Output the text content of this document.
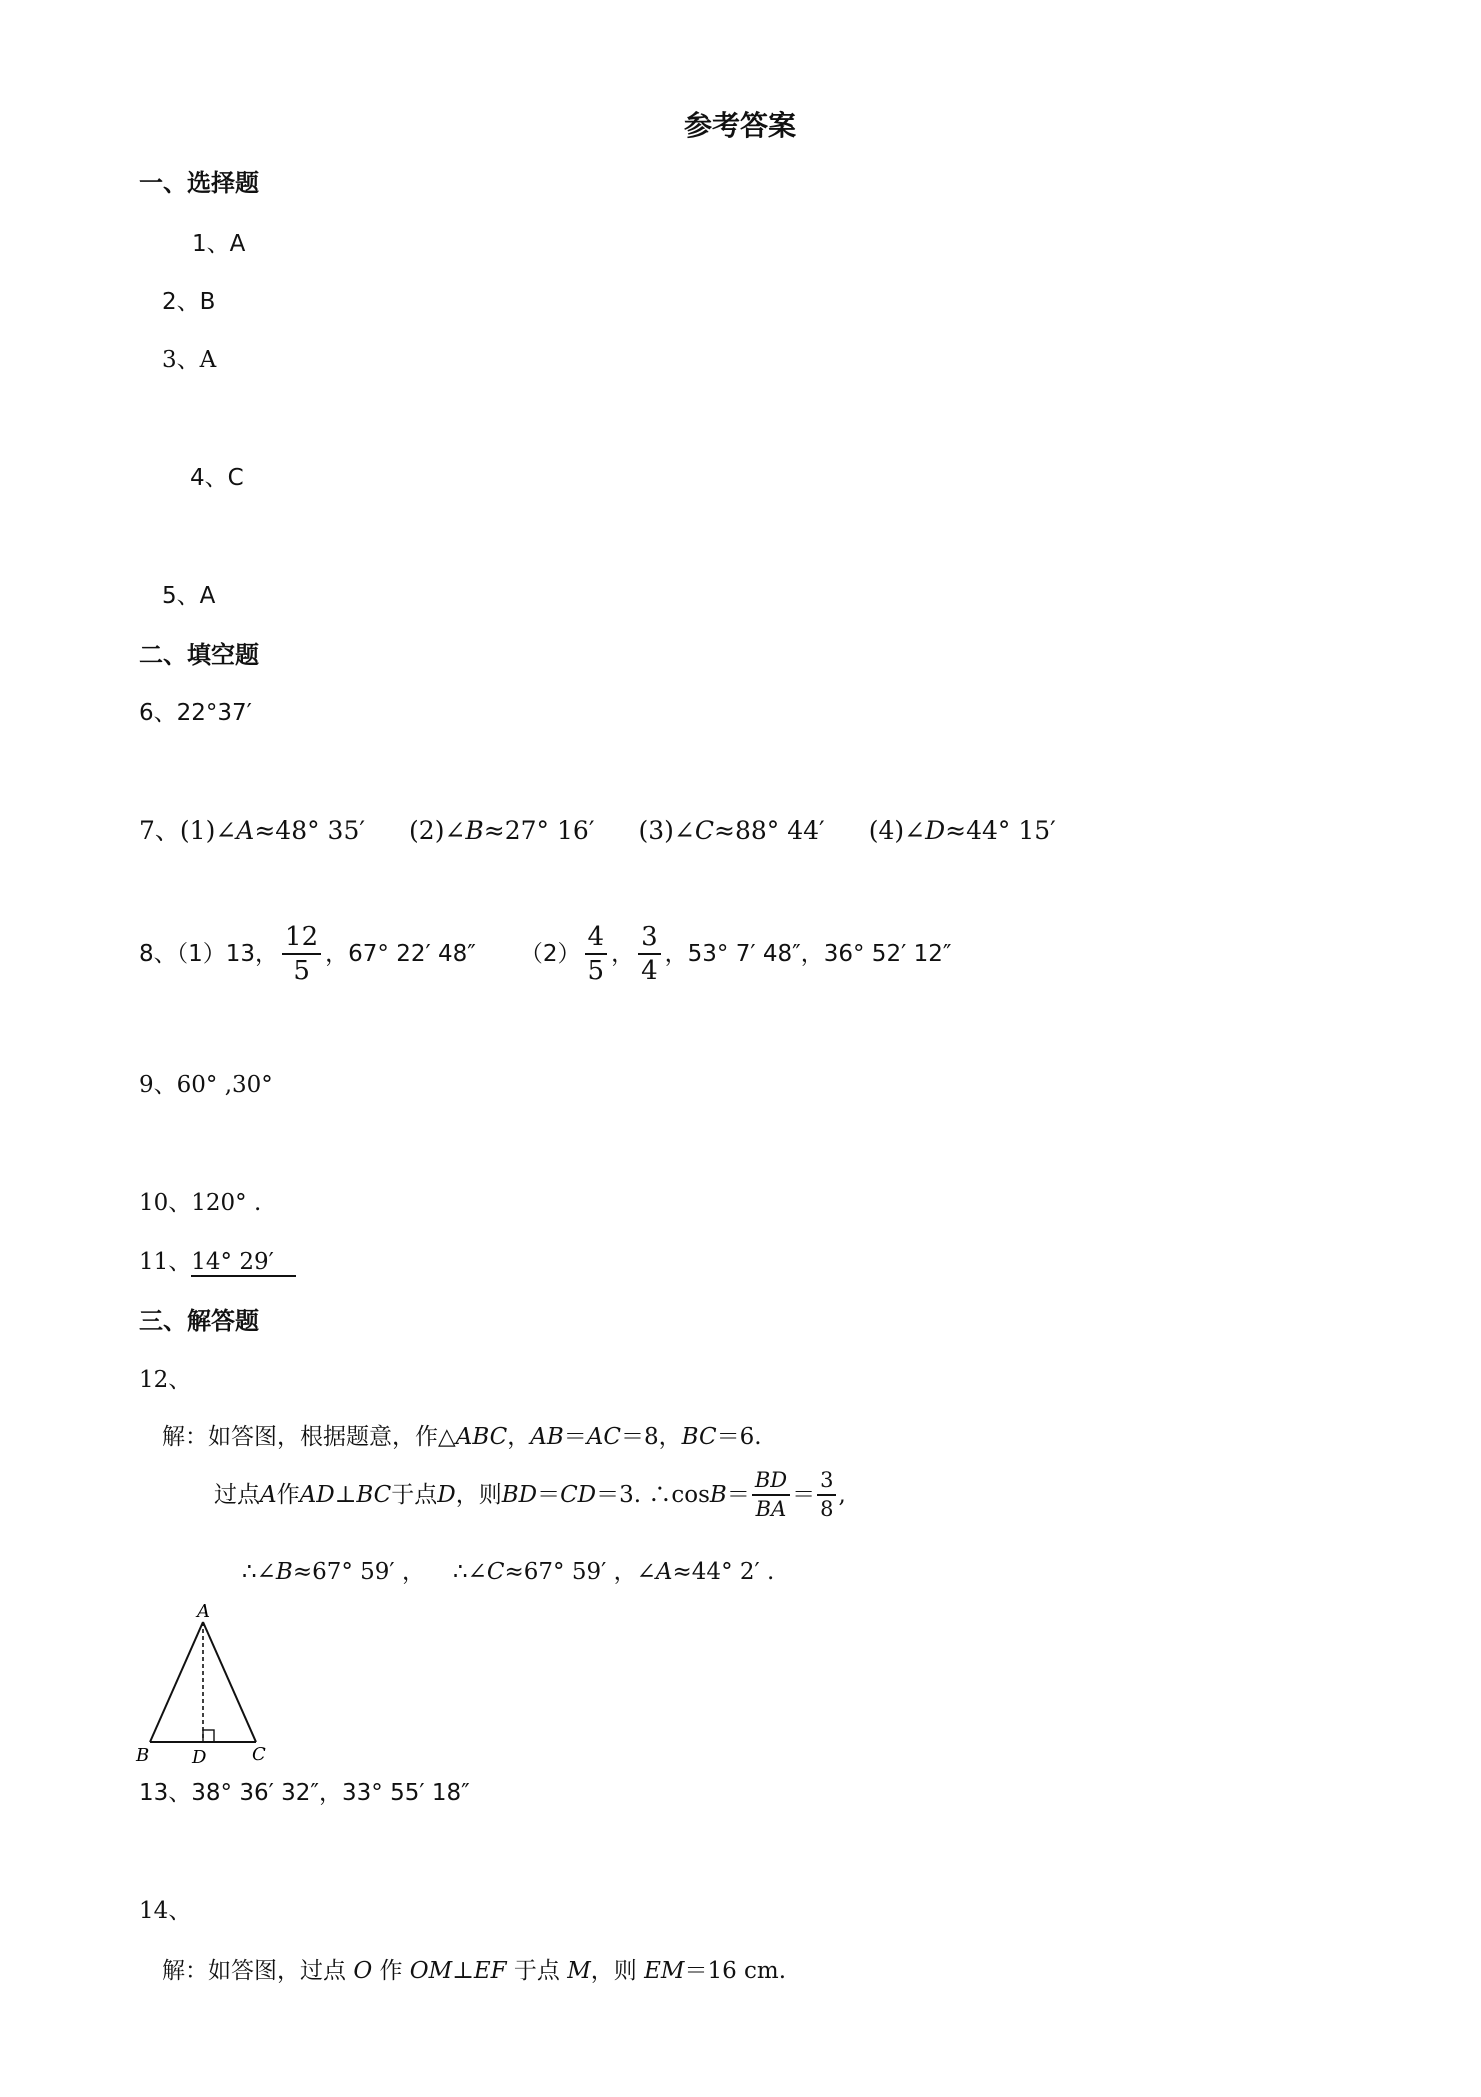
参考答案
一、选择题
1、A
2、B
3、A
4、C
5、A
二、填空题
6、22°37′
7、(1)∠A≈48° 35′ (2)∠B≈27° 16′ (3)∠C≈88° 44′ (4)∠D≈44° 15′
8、（1）13， $\frac{12}{5}$ ，67° 22′ 48″ $(2) \frac{4}{5}$ ， $\frac{3}{4}$ ，53° 7′ 48″，36° 52′ 12″
9、60° ,30°
10、120° .
11、14° 29′
三、解答题
12、
解：如答图，根据题意，作△ABC，AB＝AC＝8，BC＝6.
过点 A 作 AD ⊥ BC 于点 D ，则 BD ＝ CD ＝3. ∴cos $B = \frac{BD}{BA} = \frac{3}{8}$ ,
∴∠B≈67° 59′ ， ∴∠C≈67° 59′ ，∠A≈44° 2′ .
A
B D	C
13、38° 36′ 32″，33° 55′ 18″
14、
解：如答图，过点 O 作 OM⊥EF 于点 M，则 EM＝16 cm.
